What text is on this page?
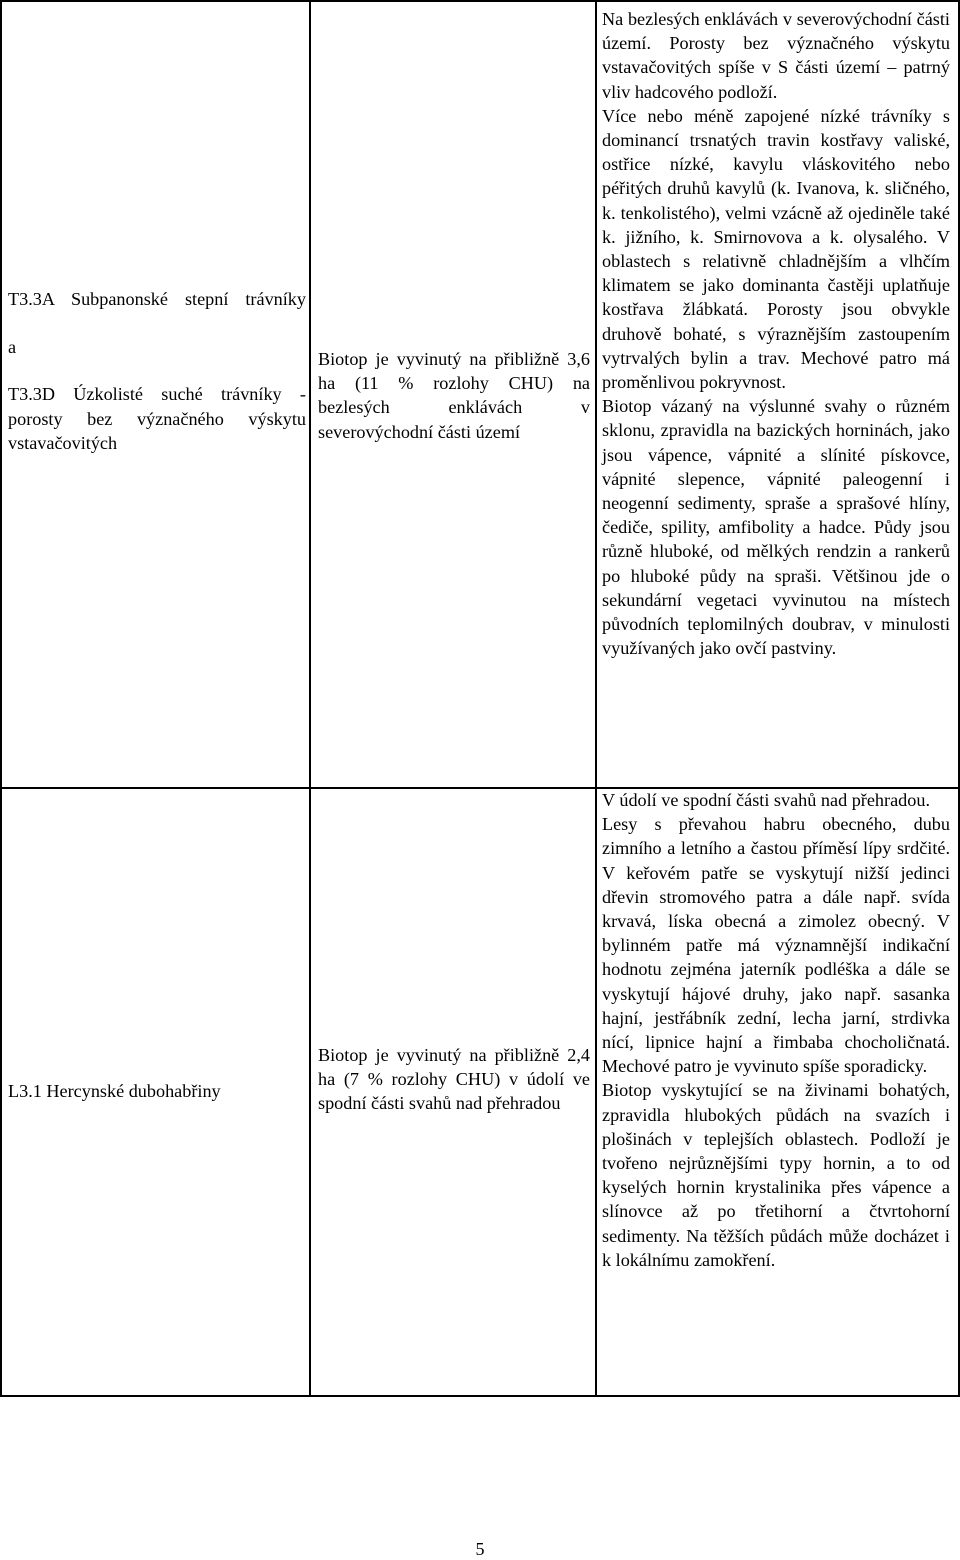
T3.3A Subpanonské stepní trávníky

a

T3.3D Úzkolisté suché trávníky - porosty bez význačného výskytu vstavačovitých

Biotop je vyvinutý na přibližně 3,6 ha (11 % rozlohy CHU) na bezlesých enklávách v severovýchodní části území

Na bezlesých enklávách v severovýchodní části území. Porosty bez význačného výskytu vstavačovitých spíše v S části území – patrný vliv hadcového podloží.

Více nebo méně zapojené nízké trávníky s dominancí trsnatých travin kostřavy valiské, ostřice nízké, kavylu vláskovitého nebo péřitých druhů kavylů (k. Ivanova, k. sličného, k. tenkolistého), velmi vzácně až ojediněle také k. jižního, k. Smirnovova a k. olysalého. V oblastech s relativně chladnějším a vlhčím klimatem se jako dominanta častěji uplatňuje kostřava žlábkatá. Porosty jsou obvykle druhově bohaté, s výraznějším zastoupením vytrvalých bylin a trav. Mechové patro má proměnlivou pokryvnost.

Biotop vázaný na výslunné svahy o různém sklonu, zpravidla na bazických horninách, jako jsou vápence, vápnité a slínité pískovce, vápnité slepence, vápnité paleogenní i neogenní sedimenty, spraše a sprašové hlíny, čediče, spility, amfibolity a hadce. Půdy jsou různě hluboké, od mělkých rendzin a rankerů po hluboké půdy na spraši. Většinou jde o sekundární vegetaci vyvinutou na místech původních teplomilných doubrav, v minulosti využívaných jako ovčí pastviny.

L3.1 Hercynské dubohabřiny

Biotop je vyvinutý na přibližně 2,4 ha (7 % rozlohy CHU) v údolí ve spodní části svahů nad přehradou

V údolí ve spodní části svahů nad přehradou.

Lesy s převahou habru obecného, dubu zimního a letního a častou příměsí lípy srdčité. V keřovém patře se vyskytují nižší jedinci dřevin stromového patra a dále např. svída krvavá, líska obecná a zimolez obecný. V bylinném patře má významnější indikační hodnotu zejména jaterník podléška a dále se vyskytují hájové druhy, jako např. sasanka hajní, jestřábník zední, lecha jarní, strdivka nící, lipnice hajní a řimbaba chocholičnatá. Mechové patro je vyvinuto spíše sporadicky.

Biotop vyskytující se na živinami bohatých, zpravidla hlubokých půdách na svazích i plošinách v teplejších oblastech. Podloží je tvořeno nejrůznějšími typy hornin, a to od kyselých hornin krystalinika přes vápence a slínovce až po třetihorní a čtvrtohorní sedimenty. Na těžších půdách může docházet i k lokálnímu zamokření.

5
